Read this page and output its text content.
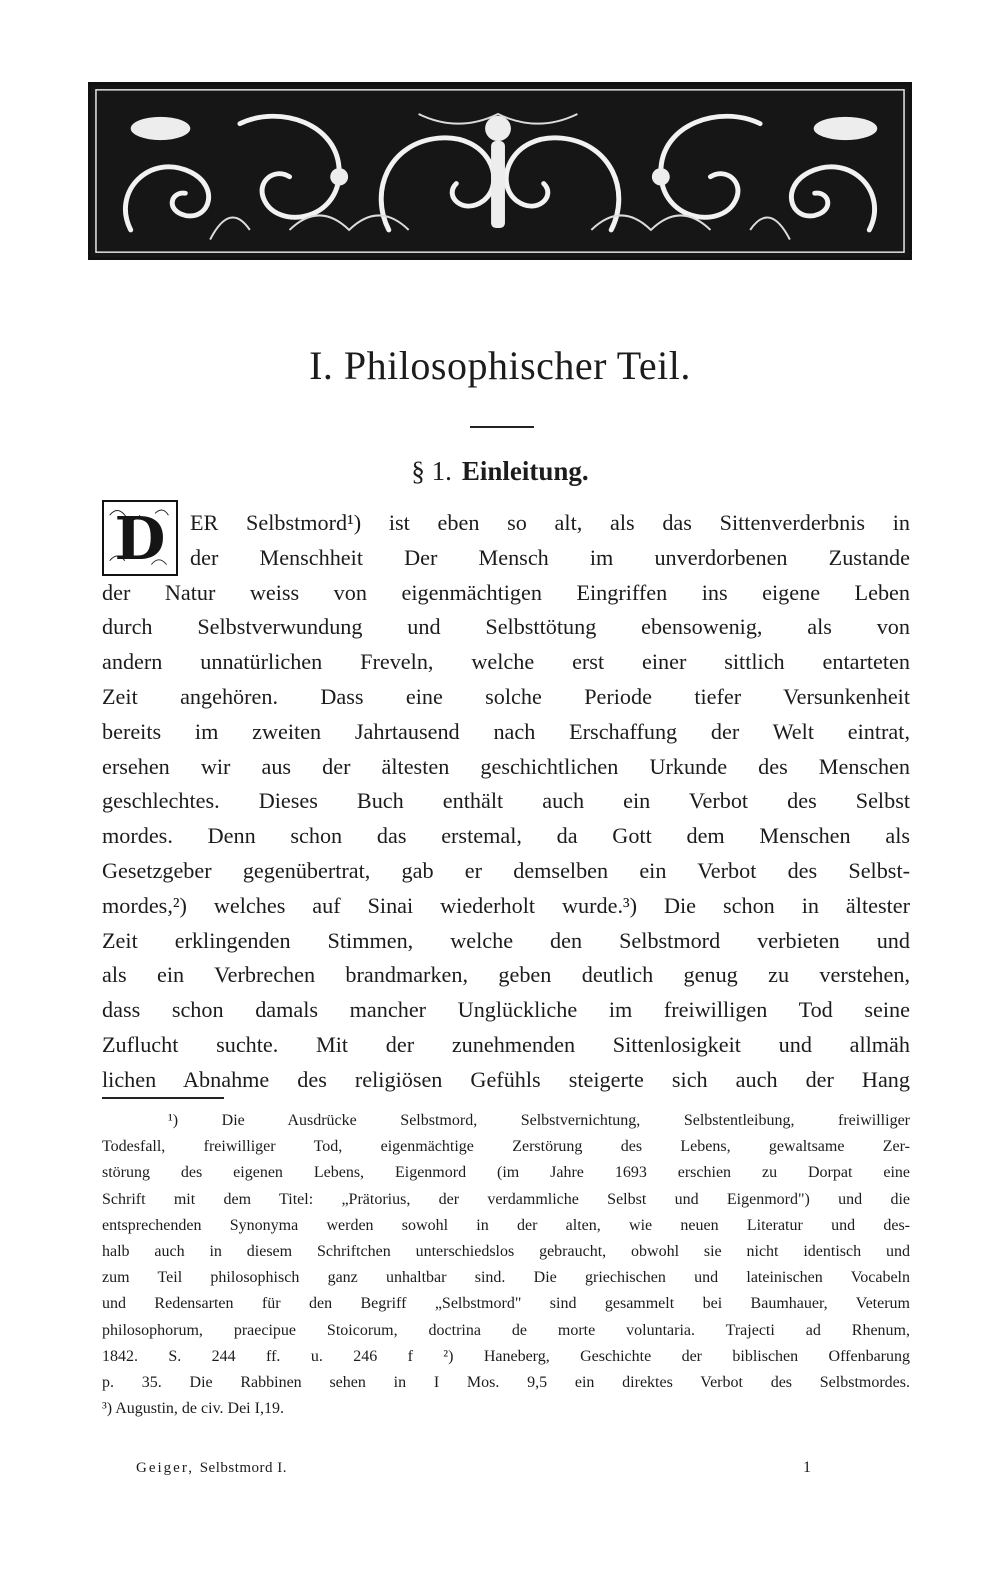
I. Philosophischer Teil.
§ 1. Einleitung.
D	ER Selbstmord¹) ist eben so alt, als das Sittenverderbnis in
der Menschheit Der Mensch im unverdorbenen Zustande
der Natur weiss von eigenmächtigen Eingriffen ins eigene Leben
durch Selbstverwundung und Selbsttötung ebensowenig, als von
andern unnatürlichen Freveln, welche erst einer sittlich entarteten
Zeit angehören. Dass eine solche Periode tiefer Versunkenheit
bereits im zweiten Jahrtausend nach Erschaffung der Welt eintrat,
ersehen wir aus der ältesten geschichtlichen Urkunde des Menschen
geschlechtes. Dieses Buch enthält auch ein Verbot des Selbst
mordes. Denn schon das erstemal, da Gott dem Menschen als
Gesetzgeber gegenübertrat, gab er demselben ein Verbot des Selbst-
mordes,²) welches auf Sinai wiederholt wurde.³) Die schon in ältester
Zeit erklingenden Stimmen, welche den Selbstmord verbieten und
als ein Verbrechen brandmarken, geben deutlich genug zu verstehen,
dass schon damals mancher Unglückliche im freiwilligen Tod seine
Zuflucht suchte. Mit der zunehmenden Sittenlosigkeit und allmäh
lichen Abnahme des religiösen Gefühls steigerte sich auch der Hang
¹) Die Ausdrücke Selbstmord, Selbstvernichtung, Selbstentleibung, freiwilliger
Todesfall, freiwilliger Tod, eigenmächtige Zerstörung des Lebens, gewaltsame Zer-
störung des eigenen Lebens, Eigenmord (im Jahre 1693 erschien zu Dorpat eine
Schrift mit dem Titel: „Prätorius, der verdammliche Selbst und Eigenmord") und die
entsprechenden Synonyma werden sowohl in der alten, wie neuen Literatur und des-
halb auch in diesem Schriftchen unterschiedslos gebraucht, obwohl sie nicht identisch und
zum Teil philosophisch ganz unhaltbar sind. Die griechischen und lateinischen Vocabeln
und Redensarten für den Begriff „Selbstmord" sind gesammelt bei Baumhauer, Veterum
philosophorum, praecipue Stoicorum, doctrina de morte voluntaria. Trajecti ad Rhenum,
1842. S. 244 ff. u. 246 f ²) Haneberg, Geschichte der biblischen Offenbarung
p. 35. Die Rabbinen sehen in I Mos. 9,5 ein direktes Verbot des Selbstmordes.
³) Augustin, de civ. Dei I,19.
Geiger, Selbstmord I.	1
